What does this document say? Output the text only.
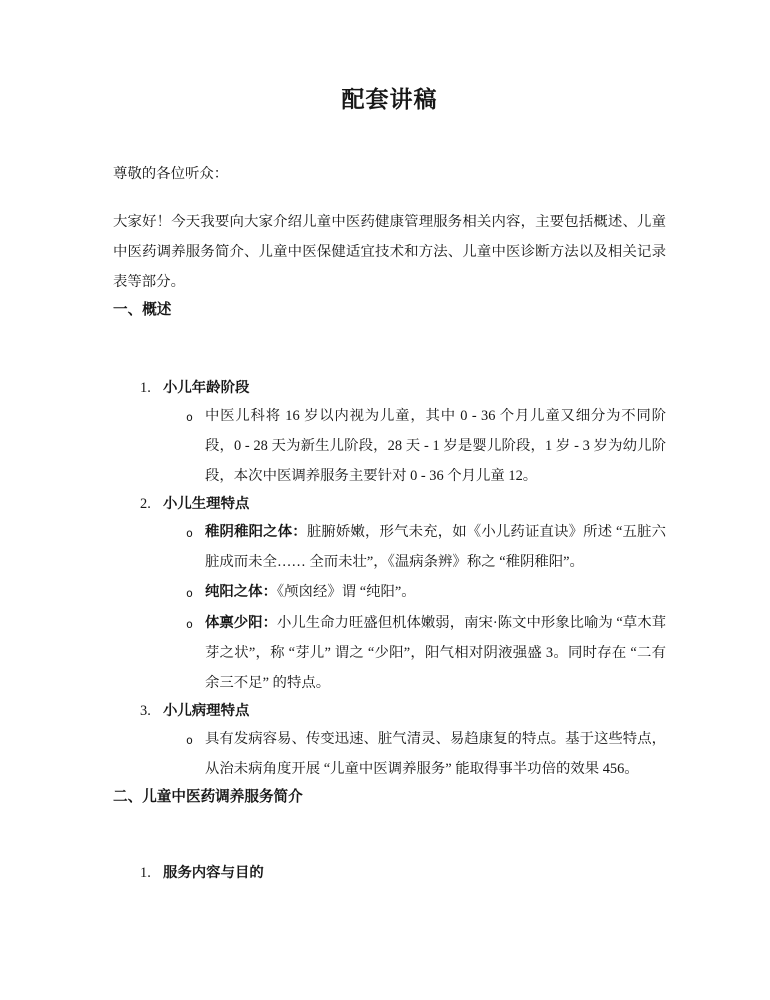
配套讲稿

尊敬的各位听众：

大家好！今天我要向大家介绍儿童中医药健康管理服务相关内容，主要包括概述、儿童中医药调养服务简介、儿童中医保健适宜技术和方法、儿童中医诊断方法以及相关记录表等部分。

一、概述
1. 小儿年龄阶段
o 中医儿科将 16 岁以内视为儿童，其中 0 - 36 个月儿童又细分为不同阶段，0 - 28 天为新生儿阶段，28 天 - 1 岁是婴儿阶段，1 岁 - 3 岁为幼儿阶段，本次中医调养服务主要针对 0 - 36 个月儿童 12。

2. 小儿生理特点
o 稚阴稚阳之体：脏腑娇嫩，形气未充，如《小儿药证直诀》所述 “五脏六脏成而未全…… 全而未壮”，《温病条辨》称之 “稚阴稚阳”。

o 纯阳之体：《颅囟经》谓 “纯阳”。

o 体禀少阳：小儿生命力旺盛但机体嫩弱，南宋·陈文中形象比喻为 “草木茸芽之状”，称 “芽儿” 谓之 “少阳”，阳气相对阴液强盛 3。同时存在 “二有余三不足” 的特点。

3. 小儿病理特点
o 具有发病容易、传变迅速、脏气清灵、易趋康复的特点。基于这些特点，从治未病角度开展 “儿童中医调养服务” 能取得事半功倍的效果 456。

二、儿童中医药调养服务简介
1. 服务内容与目的
